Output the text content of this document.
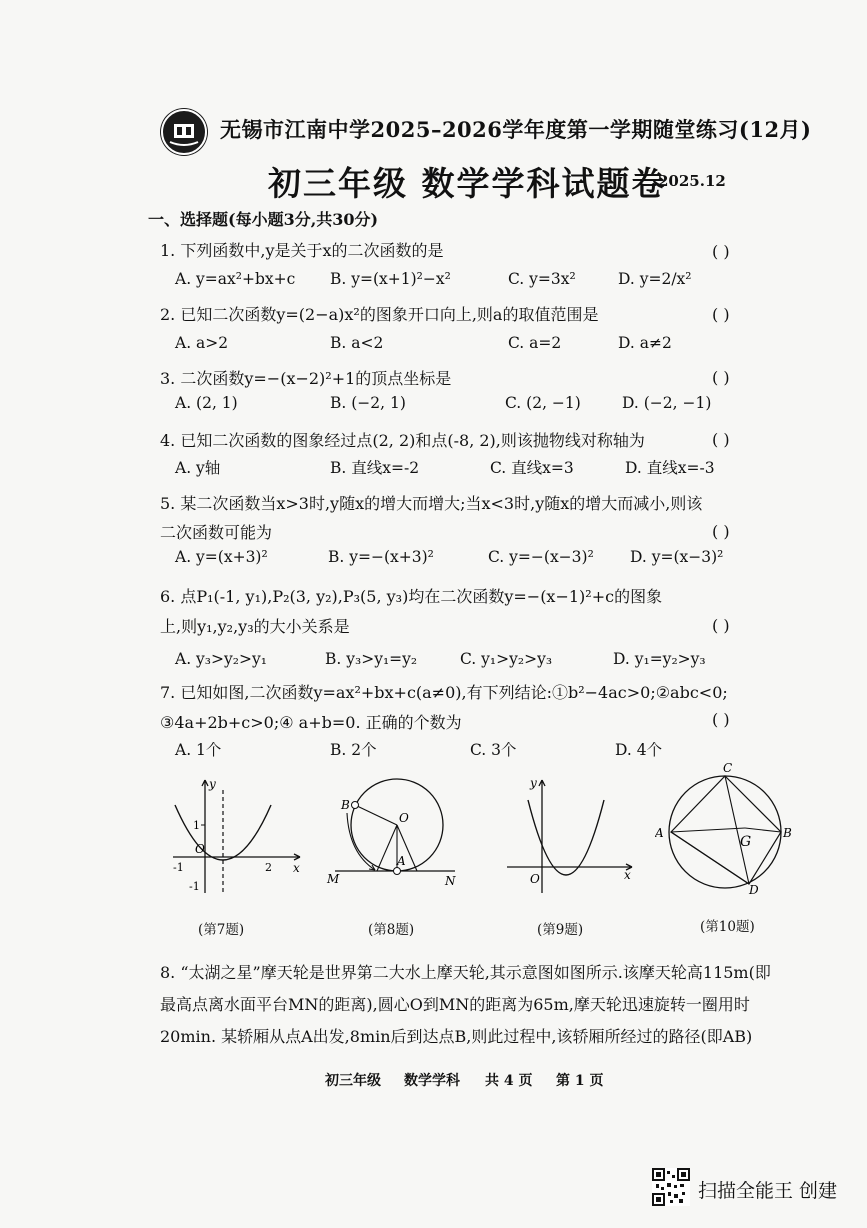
无锡市江南中学2025–2026学年度第一学期随堂练习(12月)
初三年级 数学学科试题卷
2025.12
一、选择题(每小题3分,共30分)
1. 下列函数中,y是关于x的二次函数的是	( )
A. y=ax²+bx+c B. y=(x+1)²−x²	C. y=3x²	D. y=2/x²
2. 已知二次函数y=(2−a)x²的图象开口向上,则a的取值范围是	( )
A. a>2	B. a<2	C. a=2	D. a≠2
3. 二次函数y=−(x−2)²+1的顶点坐标是	( )
A. (2, 1)	B. (−2, 1)	C. (2, −1)	D. (−2, −1)
4. 已知二次函数的图象经过点(2, 2)和点(-8, 2),则该抛物线对称轴为	( )
A. y轴	B. 直线x=-2	C. 直线x=3	D. 直线x=-3
5. 某二次函数当x>3时,y随x的增大而增大;当x<3时,y随x的增大而减小,则该
二次函数可能为	( )
A. y=(x+3)²	B. y=−(x+3)²	C. y=−(x−3)² D. y=(x−3)²
6. 点P₁(-1, y₁),P₂(3, y₂),P₃(5, y₃)均在二次函数y=−(x−1)²+c的图象
上,则y₁,y₂,y₃的大小关系是	( )
A. y₃>y₂>y₁	B. y₃>y₁=y₂	C. y₁>y₂>y₃	D. y₁=y₂>y₃
7. 已知如图,二次函数y=ax²+bx+c(a≠0),有下列结论:①b²−4ac>0;②abc<0;
③4a+2b+c>0;④ a+b=0. 正确的个数为	( )
A. 1个	B. 2个	C. 3个	D. 4个
y
x
O
1
-1	2
-1
B
O
A
M	N
y
x
O
C
A	B
D
G
(第7题)	(第8题)	(第9题)	(第10题)
8. “太湖之星”摩天轮是世界第二大水上摩天轮,其示意图如图所示.该摩天轮高115m(即
最高点离水面平台MN的距离),圆心O到MN的距离为65m,摩天轮迅速旋转一圈用时
20min. 某轿厢从点A出发,8min后到达点B,则此过程中,该轿厢所经过的路径(即AB)
初三年级 数学学科 共 4 页 第 1 页
扫描全能王 创建
